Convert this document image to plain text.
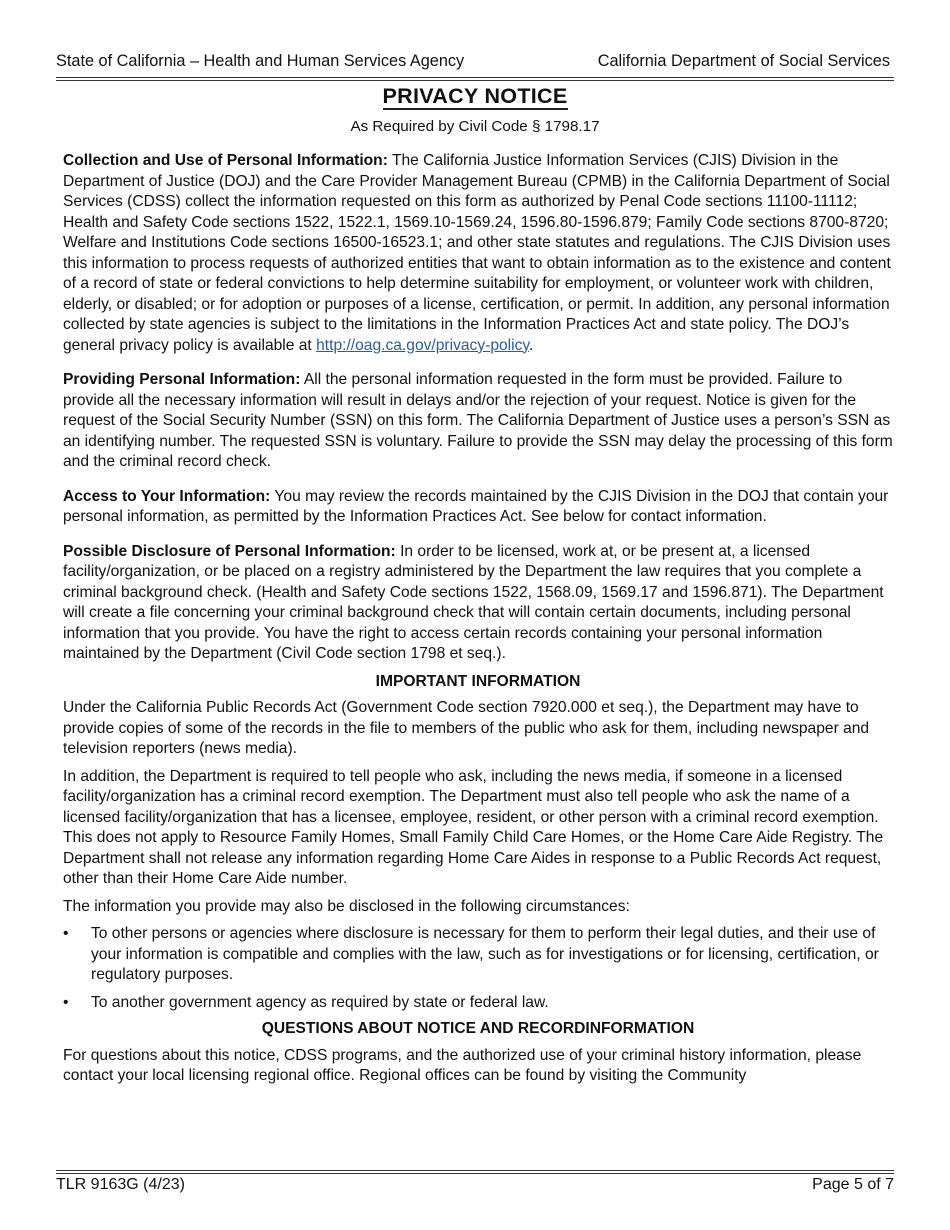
State of California – Health and Human Services Agency	California Department of Social Services
PRIVACY NOTICE
As Required by Civil Code § 1798.17

Collection and Use of Personal Information: The California Justice Information Services (CJIS) Division in the Department of Justice (DOJ) and the Care Provider Management Bureau (CPMB) in the California Department of Social Services (CDSS) collect the information requested on this form as authorized by Penal Code sections 11100-11112; Health and Safety Code sections 1522, 1522.1, 1569.10-1569.24, 1596.80-1596.879; Family Code sections 8700-8720; Welfare and Institutions Code sections 16500-16523.1; and other state statutes and regulations. The CJIS Division uses this information to process requests of authorized entities that want to obtain information as to the existence and content of a record of state or federal convictions to help determine suitability for employment, or volunteer work with children, elderly, or disabled; or for adoption or purposes of a license, certification, or permit. In addition, any personal information collected by state agencies is subject to the limitations in the Information Practices Act and state policy. The DOJ’s general privacy policy is available at http://oag.ca.gov/privacy-policy.

Providing Personal Information: All the personal information requested in the form must be provided. Failure to provide all the necessary information will result in delays and/or the rejection of your request. Notice is given for the request of the Social Security Number (SSN) on this form. The California Department of Justice uses a person’s SSN as an identifying number. The requested SSN is voluntary. Failure to provide the SSN may delay the processing of this form and the criminal record check.

Access to Your Information: You may review the records maintained by the CJIS Division in the DOJ that contain your personal information, as permitted by the Information Practices Act. See below for contact information.

Possible Disclosure of Personal Information: In order to be licensed, work at, or be present at, a licensed facility/organization, or be placed on a registry administered by the Department the law requires that you complete a criminal background check. (Health and Safety Code sections 1522, 1568.09, 1569.17 and 1596.871). The Department will create a file concerning your criminal background check that will contain certain documents, including personal information that you provide. You have the right to access certain records containing your personal information maintained by the Department (Civil Code section 1798 et seq.).

IMPORTANT INFORMATION

Under the California Public Records Act (Government Code section 7920.000 et seq.), the Department may have to provide copies of some of the records in the file to members of the public who ask for them, including newspaper and television reporters (news media).

In addition, the Department is required to tell people who ask, including the news media, if someone in a licensed facility/organization has a criminal record exemption. The Department must also tell people who ask the name of a licensed facility/organization that has a licensee, employee, resident, or other person with a criminal record exemption. This does not apply to Resource Family Homes, Small Family Child Care Homes, or the Home Care Aide Registry. The Department shall not release any information regarding Home Care Aides in response to a Public Records Act request, other than their Home Care Aide number.

The information you provide may also be disclosed in the following circumstances:

•	To other persons or agencies where disclosure is necessary for them to perform their legal duties, and their use of your information is compatible and complies with the law, such as for investigations or for licensing, certification, or regulatory purposes.
•	To another government agency as required by state or federal law.
QUESTIONS ABOUT NOTICE AND RECORDINFORMATION

For questions about this notice, CDSS programs, and the authorized use of your criminal history information, please contact your local licensing regional office. Regional offices can be found by visiting the Community

TLR 9163G (4/23)	Page 5 of 7
